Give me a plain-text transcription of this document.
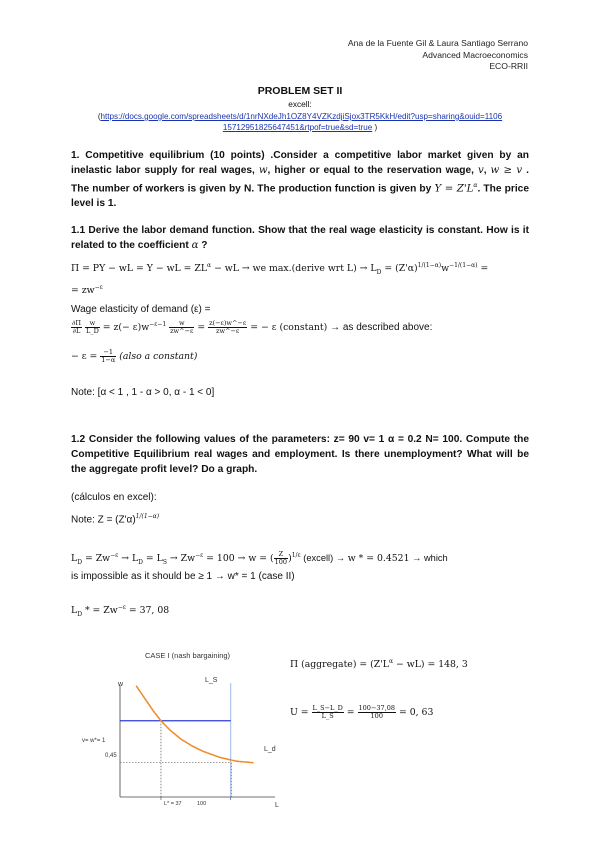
Ana de la Fuente Gil & Laura Santiago Serrano
Advanced Macroeconomics
ECO-RRII
PROBLEM SET II
excell:
(https://docs.google.com/spreadsheets/d/1nrNXdeJh1OZ8Y4VZKzdjiSjox3TR5KkH/edit?usp=sharing&ouid=1106
15712951825647451&rtpof=true&sd=true )
1. Competitive equilibrium (10 points) .Consider a competitive labor market given by an inelastic labor supply for real wages, w, higher or equal to the reservation wage, v, w ≥ v . The number of workers is given by N. The production function is given by $Y = Z'L^\alpha$. The price level is 1.
1.1 Derive the labor demand function. Show that the real wage elasticity is constant. How is it related to the coefficient α ?
Π = PY − wL = Y − wL = $ZL^\alpha$ − wL → we max.(derive wrt $L) \to L_D = (Z'\alpha)^{1/(1-\alpha)}w^{-1/(1-\alpha)}$ =
= $zw^{-\varepsilon}$
Wage elasticity of demand (ε) =
$\frac{\partial\Pi}{\partial L}$
$\frac{w}{L\_D} = z(- \varepsilon)w^{-\varepsilon-1} \frac{w}{zw\^{}-\varepsilon} = \frac{z(-\varepsilon)w\^{}-\varepsilon}{zw\^{}-\varepsilon}$ = − ε (constant) → as described above:
− $\varepsilon = \frac{-1}{1-\alpha}$ (also a constant)
Note: [α < 1 , 1 - α > 0, α - 1 < 0]
1.2 Consider the following values of the parameters: z= 90 v= 1 α = 0.2 N= 100. Compute the Competitive Equilibrium real wages and employment. Is there unemployment? What will be the aggregate profit level? Do a graph.
(cálculos en excel):
Note: $Z = (Z'\alpha)^{1/(1-\alpha)}$
$L_D = Zw^{-\varepsilon} \to L_D = L_S \to Zw^{-\varepsilon} = 100 \to w$ = ( $\frac{Z}{100} )^{1/\varepsilon}$ (excell) → w * = 0.4521 → which
is impossible as it should be ≥ 1 → w* = 1 (case II)
$L_D$ * = $Zw^{-\varepsilon} = 37$, 08
Π (aggregate) = $(Z'L^\alpha - wL) = 148$, 3
$U = \frac{L\_S-L\_D}{L\_S} = \frac{100-37,08}{100} = 0$, 63
CASE I (nash bargaining)
w
L_S
L_d
v= w*= 1
0,45
L* = 37	100	L
